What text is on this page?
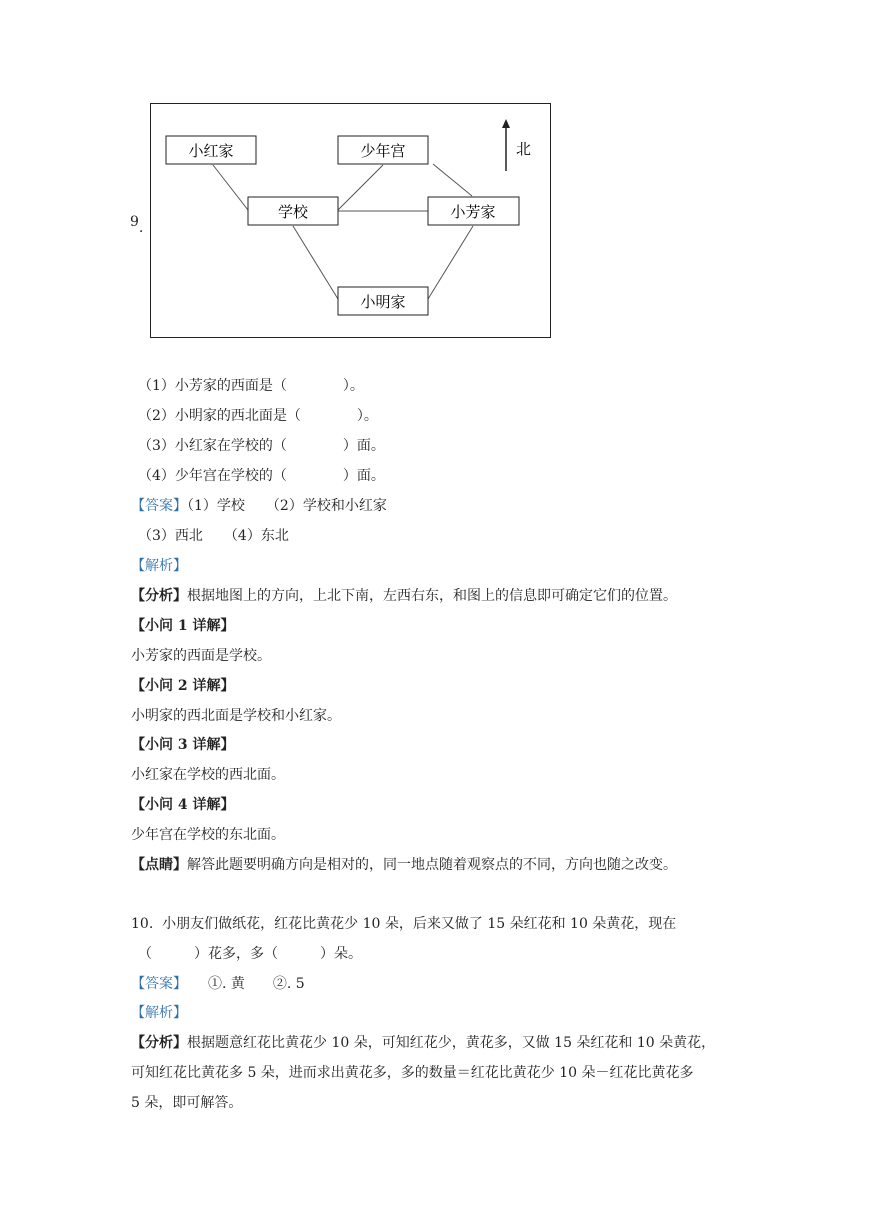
9.
小红家	少年宫
学校	小芳家
小明家
北
（1）小芳家的西面是（　　　　）。
（2）小明家的西北面是（　　　　）。
（3）小红家在学校的（　　　　）面。
（4）少年宫在学校的（　　　　）面。
【答案】（1）学校　　（2）学校和小红家
（3）西北　　（4）东北
【解析】
【分析】根据地图上的方向，上北下南，左西右东，和图上的信息即可确定它们的位置。
【小问 1 详解】
小芳家的西面是学校。
【小问 2 详解】
小明家的西北面是学校和小红家。
【小问 3 详解】
小红家在学校的西北面。
【小问 4 详解】
少年宫在学校的东北面。
【点睛】解答此题要明确方向是相对的，同一地点随着观察点的不同，方向也随之改变。
10.  小朋友们做纸花，红花比黄花少 10 朵，后来又做了 15 朵红花和 10 朵黄花，现在
（　　　）花多，多（　　　）朵。
【答案】　　①. 黄　　②. 5
【解析】
【分析】根据题意红花比黄花少 10 朵，可知红花少，黄花多，又做 15 朵红花和 10 朵黄花，
可知红花比黄花多 5 朵，进而求出黄花多，多的数量＝红花比黄花少 10 朵－红花比黄花多
5 朵，即可解答。
